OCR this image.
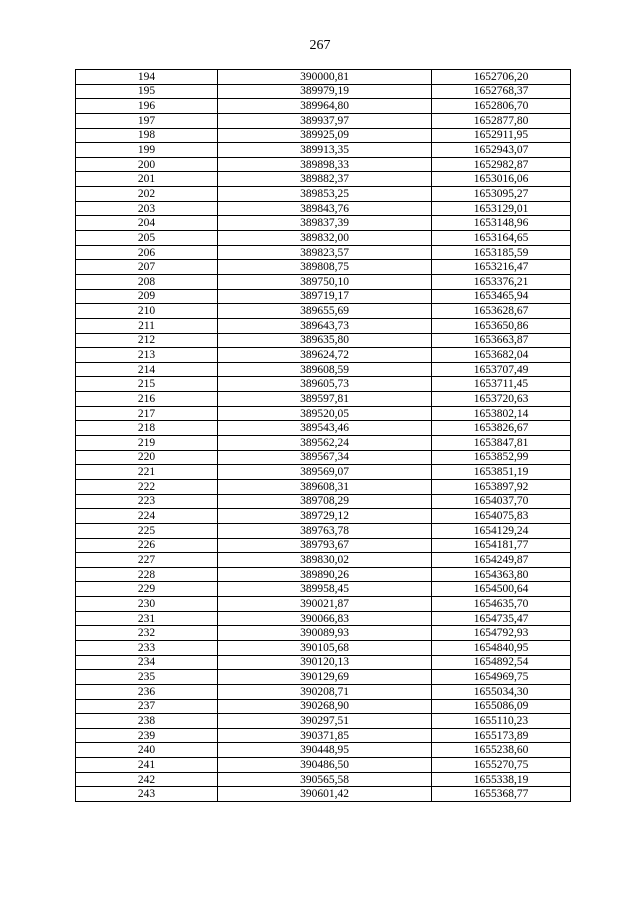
267
194	390000,81	1652706,20
195	389979,19	1652768,37
196	389964,80	1652806,70
197	389937,97	1652877,80
198	389925,09	1652911,95
199	389913,35	1652943,07
200	389898,33	1652982,87
201	389882,37	1653016,06
202	389853,25	1653095,27
203	389843,76	1653129,01
204	389837,39	1653148,96
205	389832,00	1653164,65
206	389823,57	1653185,59
207	389808,75	1653216,47
208	389750,10	1653376,21
209	389719,17	1653465,94
210	389655,69	1653628,67
211	389643,73	1653650,86
212	389635,80	1653663,87
213	389624,72	1653682,04
214	389608,59	1653707,49
215	389605,73	1653711,45
216	389597,81	1653720,63
217	389520,05	1653802,14
218	389543,46	1653826,67
219	389562,24	1653847,81
220	389567,34	1653852,99
221	389569,07	1653851,19
222	389608,31	1653897,92
223	389708,29	1654037,70
224	389729,12	1654075,83
225	389763,78	1654129,24
226	389793,67	1654181,77
227	389830,02	1654249,87
228	389890,26	1654363,80
229	389958,45	1654500,64
230	390021,87	1654635,70
231	390066,83	1654735,47
232	390089,93	1654792,93
233	390105,68	1654840,95
234	390120,13	1654892,54
235	390129,69	1654969,75
236	390208,71	1655034,30
237	390268,90	1655086,09
238	390297,51	1655110,23
239	390371,85	1655173,89
240	390448,95	1655238,60
241	390486,50	1655270,75
242	390565,58	1655338,19
243	390601,42	1655368,77
